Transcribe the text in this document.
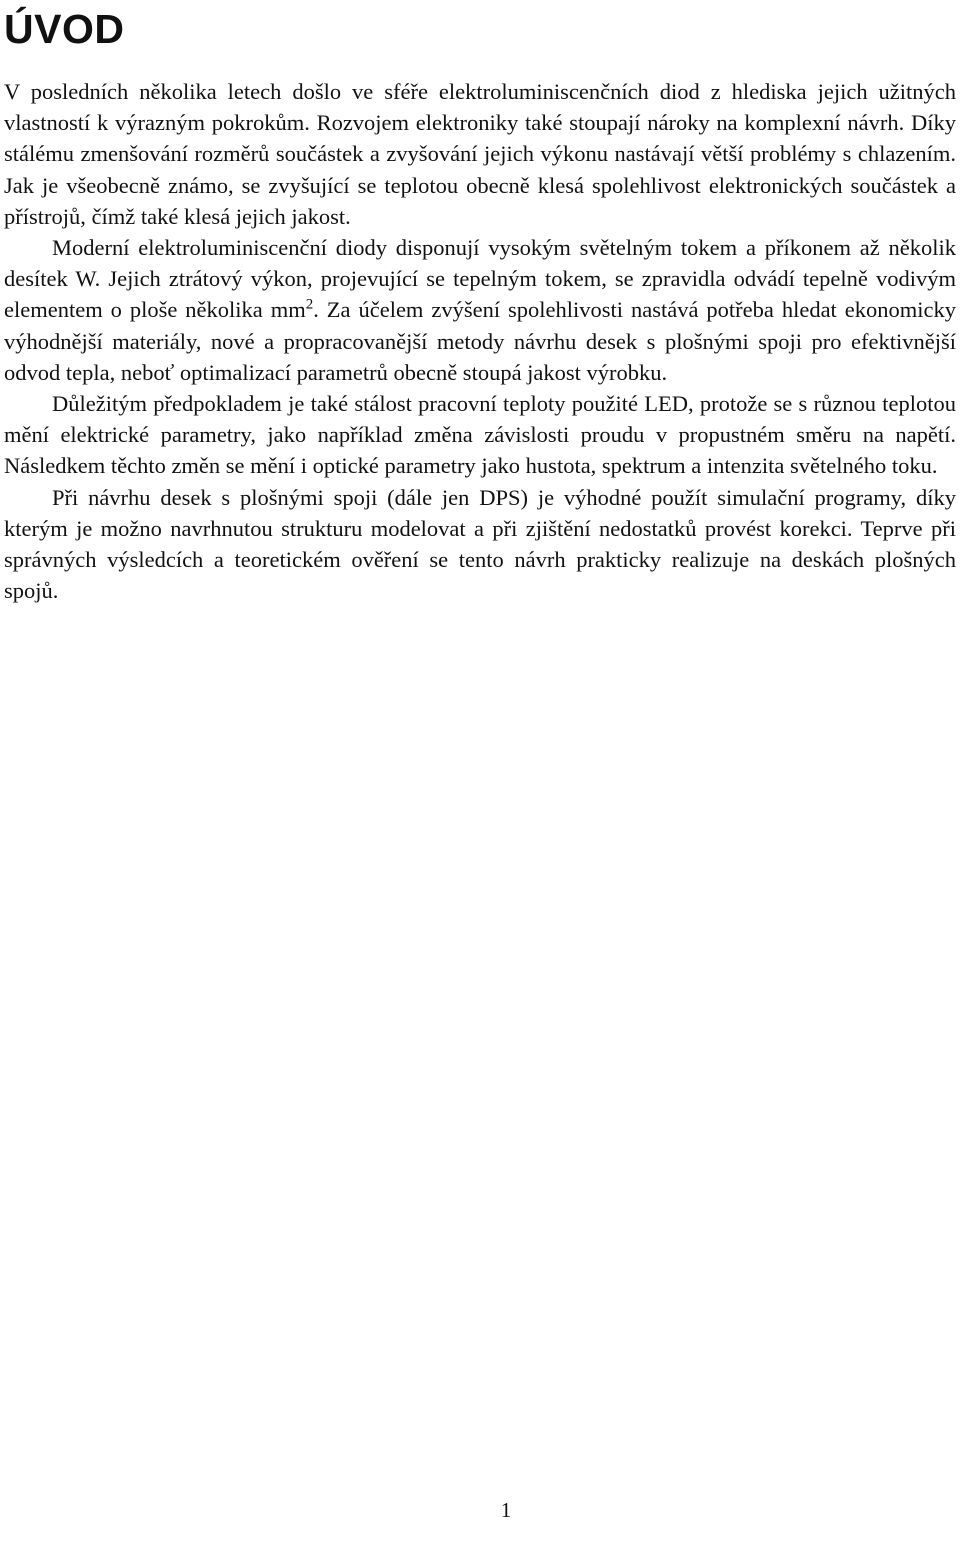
ÚVOD

V posledních několika letech došlo ve sféře elektroluminiscenčních diod z hlediska jejich užitných vlastností k výrazným pokrokům. Rozvojem elektroniky také stoupají nároky na komplexní návrh. Díky stálému zmenšování rozměrů součástek a zvyšování jejich výkonu nastávají větší problémy s chlazením. Jak je všeobecně známo, se zvyšující se teplotou obecně klesá spolehlivost elektronických součástek a přístrojů, čímž také klesá jejich jakost.

Moderní elektroluminiscenční diody disponují vysokým světelným tokem a příkonem až několik desítek W. Jejich ztrátový výkon, projevující se tepelným tokem, se zpravidla odvádí tepelně vodivým elementem o ploše několika $mm^2$. Za účelem zvýšení spolehlivosti nastává potřeba hledat ekonomicky výhodnější materiály, nové a propracovanější metody návrhu desek s plošnými spoji pro efektivnější odvod tepla, neboť optimalizací parametrů obecně stoupá jakost výrobku.

Důležitým předpokladem je také stálost pracovní teploty použité LED, protože se s různou teplotou mění elektrické parametry, jako například změna závislosti proudu v propustném směru na napětí. Následkem těchto změn se mění i optické parametry jako hustota, spektrum a intenzita světelného toku.

Při návrhu desek s plošnými spoji (dále jen DPS) je výhodné použít simulační programy, díky kterým je možno navrhnutou strukturu modelovat a při zjištění nedostatků provést korekci. Teprve při správných výsledcích a teoretickém ověření se tento návrh prakticky realizuje na deskách plošných spojů.

1
